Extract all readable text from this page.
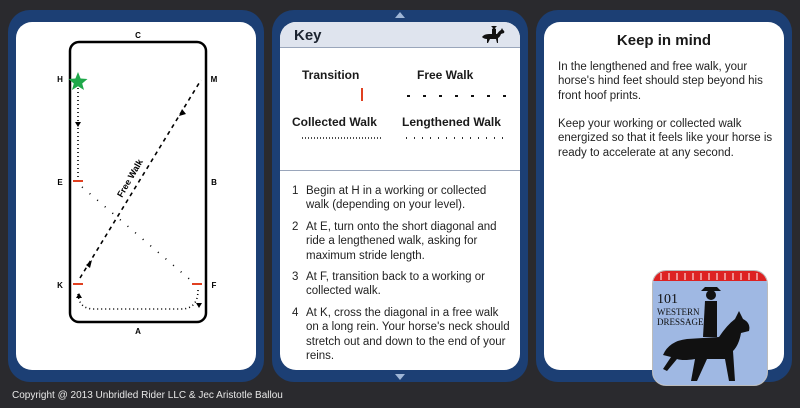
C
A
H	M
E	B
K	F
Free Walk
Key
Transition	Free Walk
Collected Walk Lengthened Walk
1 Begin at H in a working or collected walk (depending on your level).
2 At E, turn onto the short diagonal and ride a lengthened walk, asking for maximum stride length.
3 At F, transition back to a working or collected walk.
4 At K, cross the diagonal in a free walk on a long rein. Your horse's neck should stretch out and down to the end of your reins.
Keep in mind
In the lengthened and free walk, your horse's hind feet should step beyond his front hoof prints.
Keep your working or collected walk energized so that it feels like your horse is ready to accelerate at any second.
101
WESTERN
DRESSAGE
Copyright @ 2013 Unbridled Rider LLC & Jec Aristotle Ballou
